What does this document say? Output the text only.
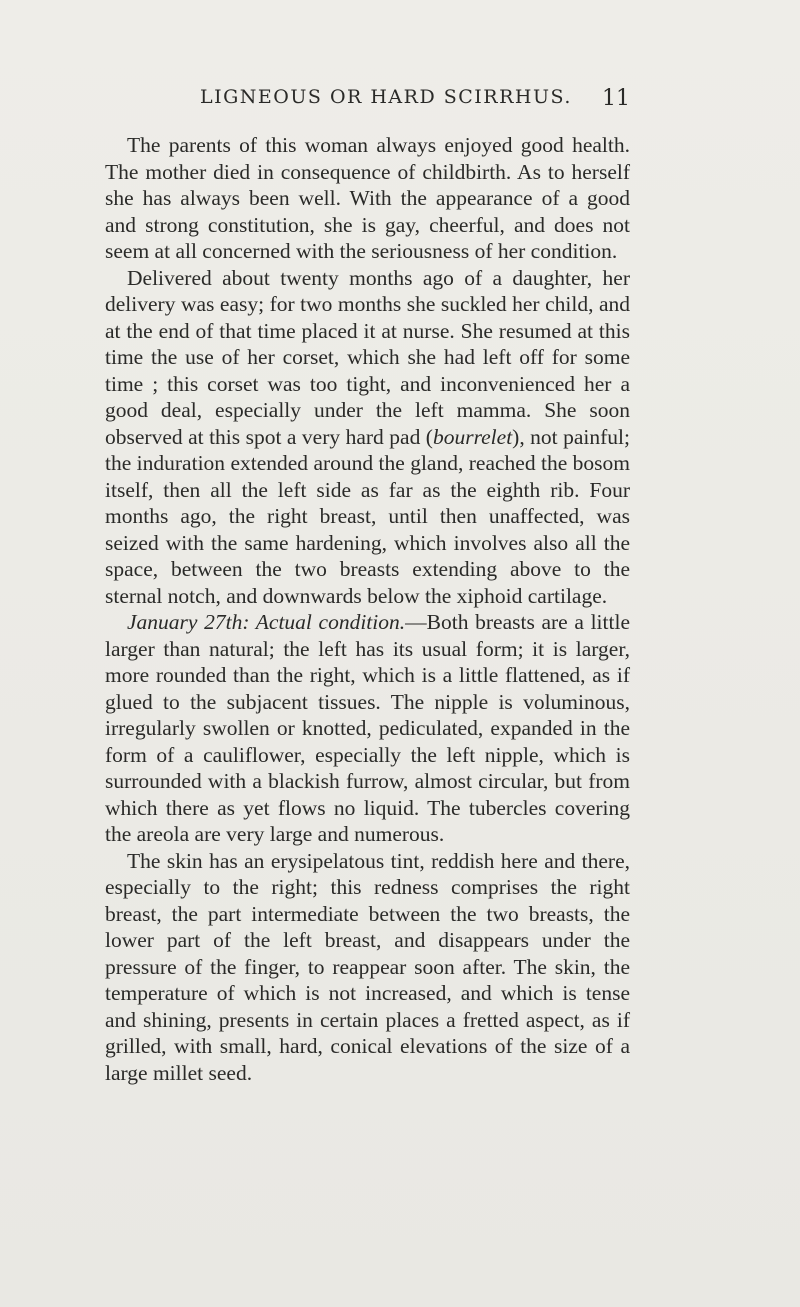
LIGNEOUS OR HARD SCIRRHUS. 11

The parents of this woman always enjoyed good health. The mother died in consequence of childbirth. As to herself she has always been well. With the appearance of a good and strong constitution, she is gay, cheerful, and does not seem at all concerned with the seriousness of her condition.

Delivered about twenty months ago of a daughter, her delivery was easy; for two months she suckled her child, and at the end of that time placed it at nurse. She resumed at this time the use of her corset, which she had left off for some time ; this corset was too tight, and inconvenienced her a good deal, especially under the left mamma. She soon observed at this spot a very hard pad (bourrelet), not painful; the induration extended around the gland, reached the bosom itself, then all the left side as far as the eighth rib. Four months ago, the right breast, until then unaffected, was seized with the same hardening, which involves also all the space, between the two breasts extending above to the sternal notch, and downwards below the xiphoid cartilage.

January 27th: Actual condition.—Both breasts are a little larger than natural; the left has its usual form; it is larger, more rounded than the right, which is a little flattened, as if glued to the subjacent tissues. The nipple is voluminous, irregularly swollen or knotted, pediculated, expanded in the form of a cauliflower, especially the left nipple, which is surrounded with a blackish furrow, almost circular, but from which there as yet flows no liquid. The tubercles covering the areola are very large and numerous.

The skin has an erysipelatous tint, reddish here and there, especially to the right; this redness comprises the right breast, the part intermediate between the two breasts, the lower part of the left breast, and disappears under the pressure of the finger, to reappear soon after. The skin, the temperature of which is not increased, and which is tense and shining, presents in certain places a fretted aspect, as if grilled, with small, hard, conical elevations of the size of a large millet seed.
